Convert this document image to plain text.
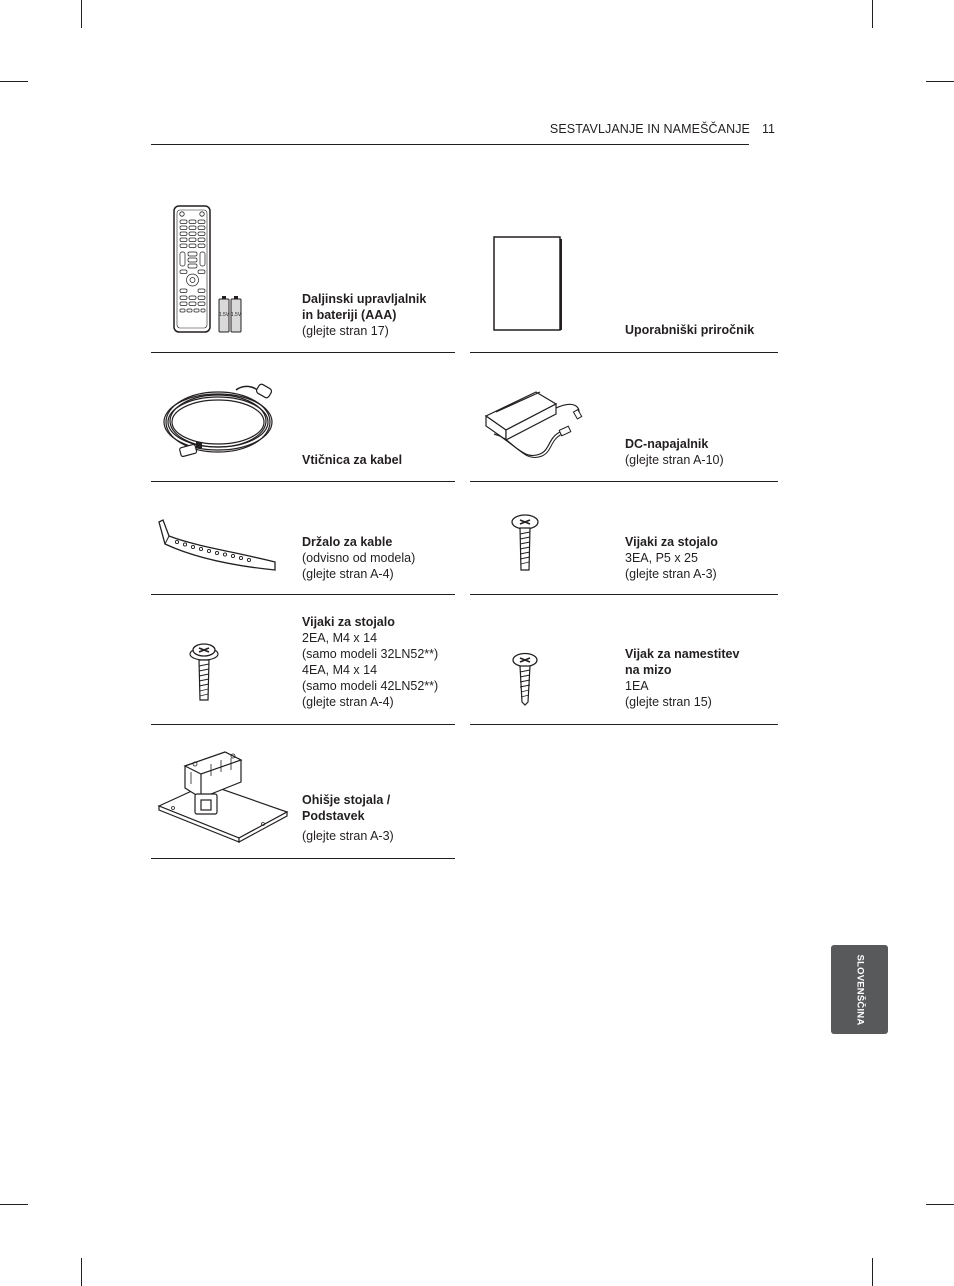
SESTAVLJANJE IN NAMEŠČANJE 11
1.5V 1.5V
Daljinski upravljalnik
in bateriji (AAA)
(glejte stran 17)	Uporabniški priročnik
Vtičnica za kabel
DC-napajalnik
(glejte stran A-10)
Držalo za kable
(odvisno od modela)
(glejte stran A-4)
Vijaki za stojalo
3EA, P5 x 25
(glejte stran A-3)
Vijaki za stojalo
2EA, M4 x 14
(samo modeli 32LN52**)
4EA, M4 x 14
(samo modeli 42LN52**)
(glejte stran A-4)
Vijak za namestitev
na mizo
1EA
(glejte stran 15)
Ohišje stojala /
Podstavek
(glejte stran A-3)
SLOVENŠČINA
